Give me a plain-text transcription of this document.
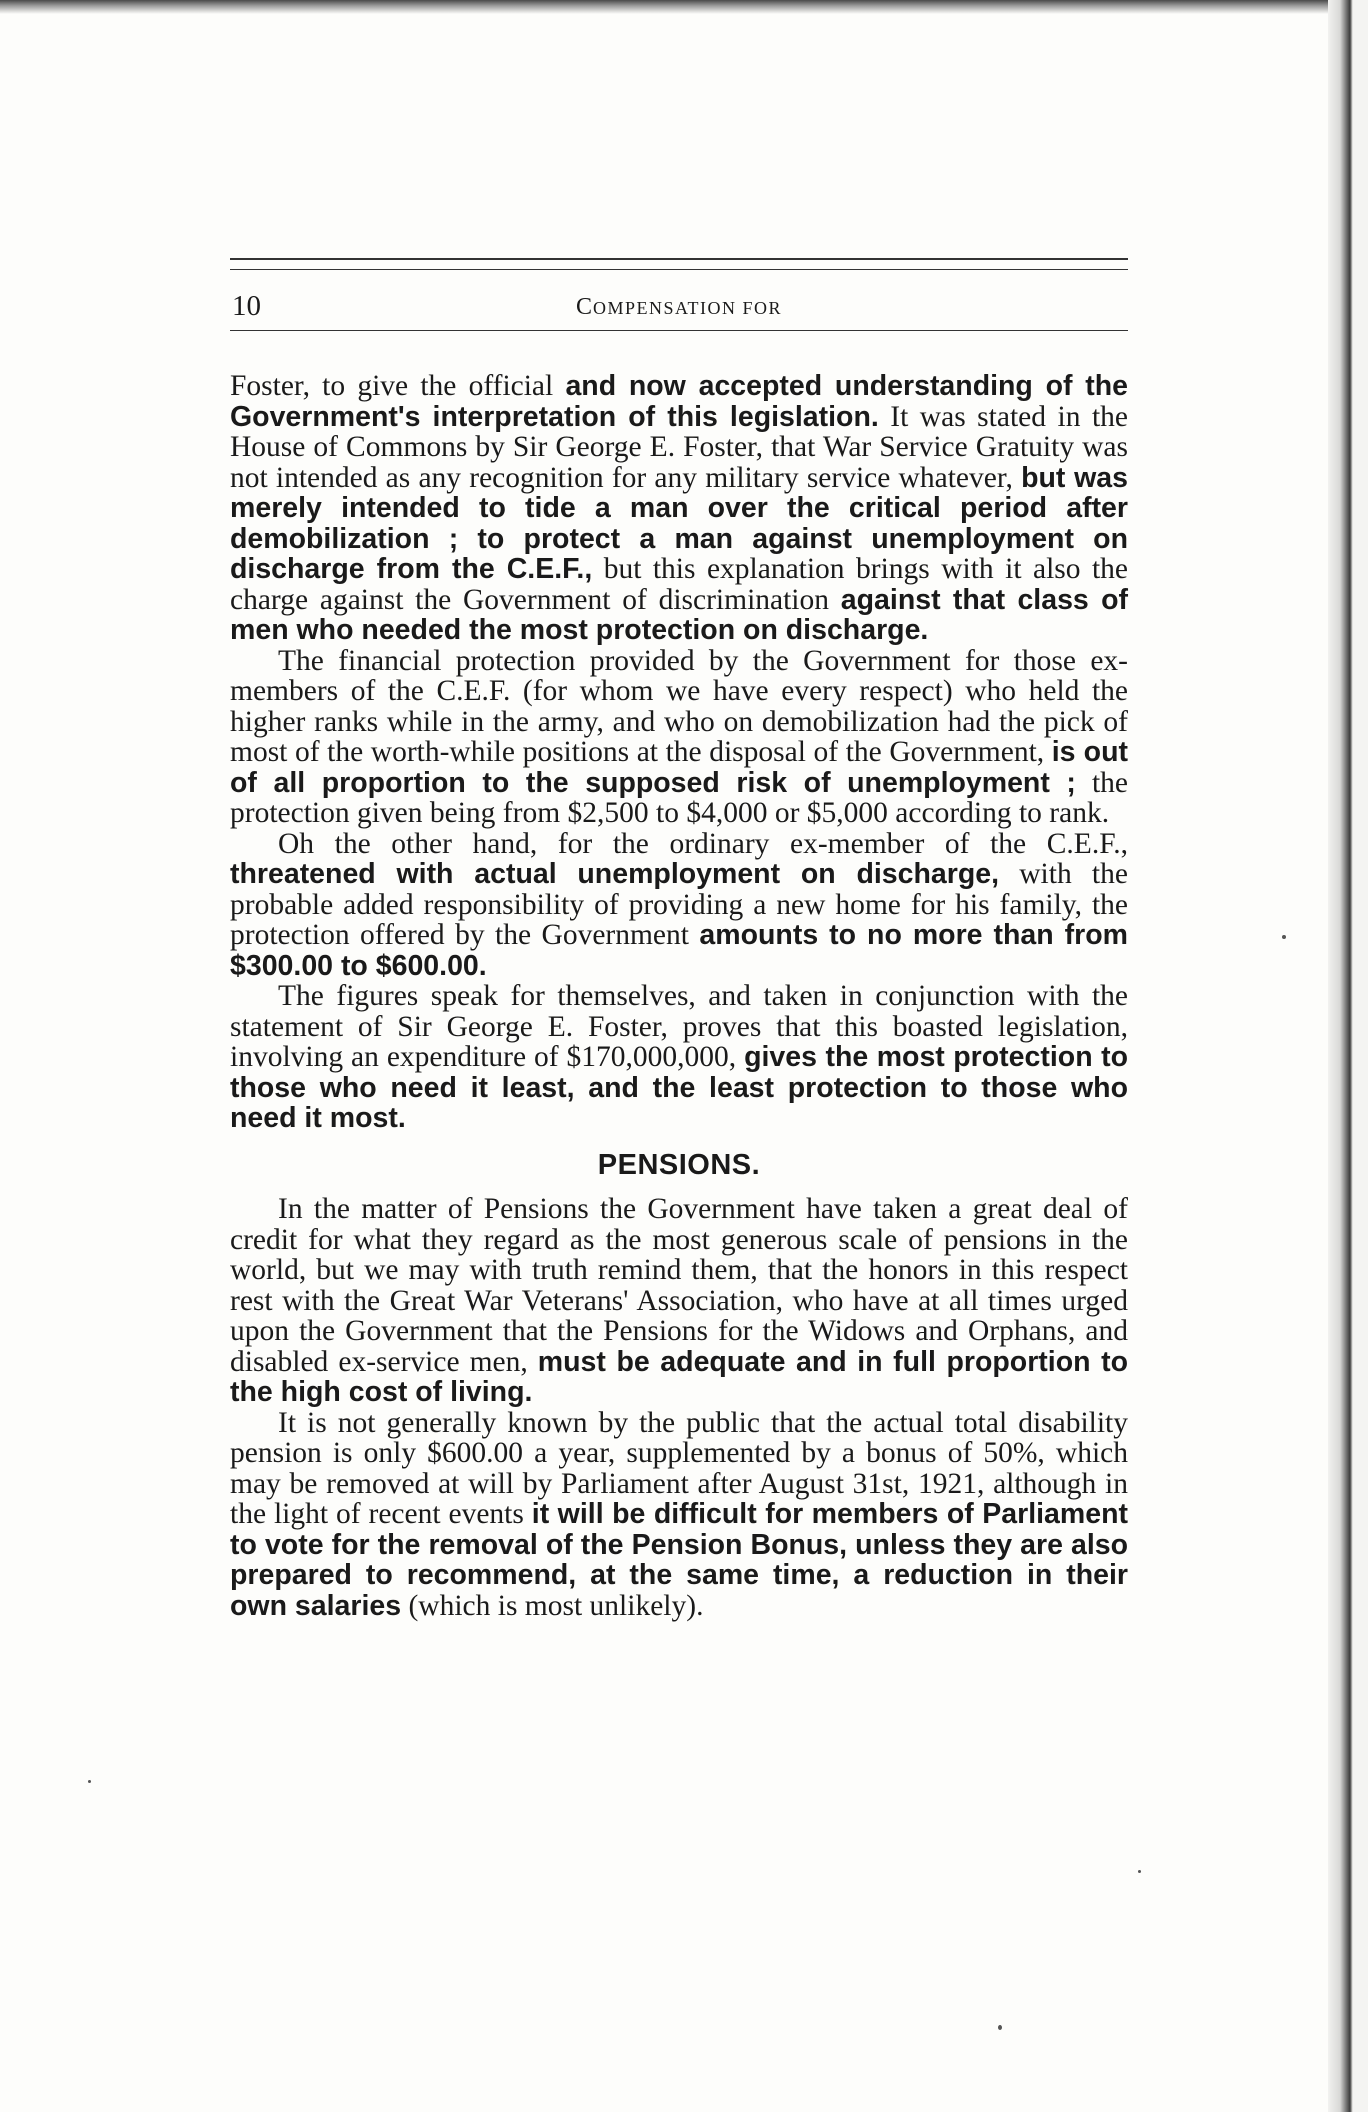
10	COMPENSATION FOR

Foster, to give the official and now accepted understanding of the Government's interpretation of this legislation. It was stated in the House of Commons by Sir George E. Foster, that War Service Gratuity was not intended as any recognition for any military service whatever, but was merely intended to tide a man over the critical period after demobilization ; to protect a man against unemployment on discharge from the C.E.F., but this explanation brings with it also the charge against the Government of discrimination against that class of men who needed the most protection on discharge.

The financial protection provided by the Government for those ex-members of the C.E.F. (for whom we have every respect) who held the higher ranks while in the army, and who on demobilization had the pick of most of the worth-while positions at the disposal of the Government, is out of all proportion to the supposed risk of unemployment ; the protection given being from $2,500 to $4,000 or $5,000 according to rank.

Oh the other hand, for the ordinary ex-member of the C.E.F., threatened with actual unemployment on discharge, with the probable added responsibility of providing a new home for his family, the protection offered by the Government amounts to no more than from $300.00 to $600.00.

The figures speak for themselves, and taken in conjunction with the statement of Sir George E. Foster, proves that this boasted legislation, involving an expenditure of $170,000,000, gives the most protection to those who need it least, and the least protection to those who need it most.

PENSIONS.

In the matter of Pensions the Government have taken a great deal of credit for what they regard as the most generous scale of pensions in the world, but we may with truth remind them, that the honors in this respect rest with the Great War Veterans' Association, who have at all times urged upon the Government that the Pensions for the Widows and Orphans, and disabled ex-service men, must be adequate and in full proportion to the high cost of living.

It is not generally known by the public that the actual total disability pension is only $600.00 a year, supplemented by a bonus of 50%, which may be removed at will by Parliament after August 31st, 1921, although in the light of recent events it will be difficult for members of Parliament to vote for the removal of the Pension Bonus, unless they are also prepared to recommend, at the same time, a reduction in their own salaries (which is most unlikely).
